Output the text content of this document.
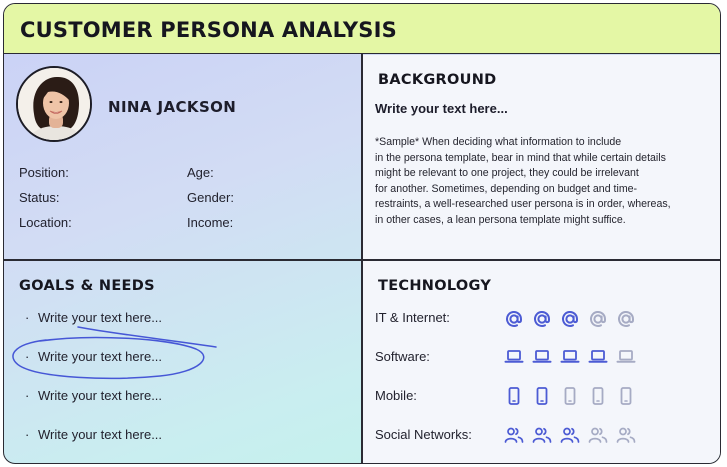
CUSTOMER PERSONA ANALYSIS
NINA JACKSON
Position:	Age:
Status:	Gender:
Location:	Income:
BACKGROUND
Write your text here...
*Sample* When deciding what information to include
in the persona template, bear in mind that while certain details
might be relevant to one project, they could be irrelevant
for another. Sometimes, depending on budget and time-
restraints, a well-researched user persona is in order, whereas,
in other cases, a lean persona template might suffice.
GOALS & NEEDS
· Write your text here...
· Write your text here...
· Write your text here...
· Write your text here...
TECHNOLOGY
IT & Internet:
Software:
Mobile:
Social Networks:
